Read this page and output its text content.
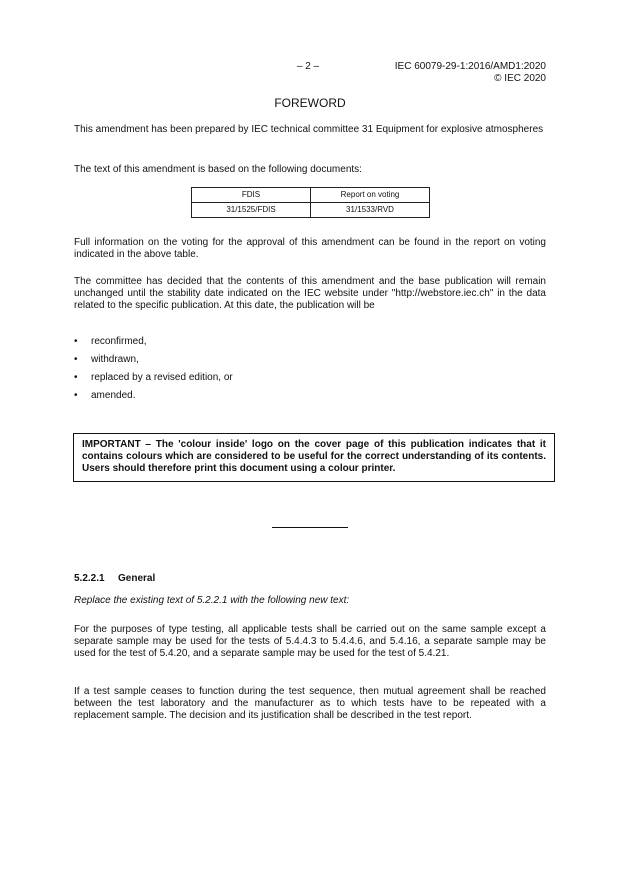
– 2 –	IEC 60079-29-1:2016/AMD1:2020
© IEC 2020
FOREWORD
This amendment has been prepared by IEC technical committee 31 Equipment for explosive atmospheres
The text of this amendment is based on the following documents:
FDIS	Report on voting
31/1525/FDIS	31/1533/RVD
Full information on the voting for the approval of this amendment can be found in the report on voting indicated in the above table.
The committee has decided that the contents of this amendment and the base publication will remain unchanged until the stability date indicated on the IEC website under "http://webstore.iec.ch" in the data related to the specific publication. At this date, the publication will be
• reconfirmed,
• withdrawn,
• replaced by a revised edition, or
• amended.
IMPORTANT – The 'colour inside' logo on the cover page of this publication indicates that it contains colours which are considered to be useful for the correct understanding of its contents. Users should therefore print this document using a colour printer.
5.2.2.1 General
Replace the existing text of 5.2.2.1 with the following new text:
For the purposes of type testing, all applicable tests shall be carried out on the same sample except a separate sample may be used for the tests of 5.4.4.3 to 5.4.4.6, and 5.4.16, a separate sample may be used for the test of 5.4.20, and a separate sample may be used for the test of 5.4.21.
If a test sample ceases to function during the test sequence, then mutual agreement shall be reached between the test laboratory and the manufacturer as to which tests have to be repeated with a replacement sample. The decision and its justification shall be described in the test report.
